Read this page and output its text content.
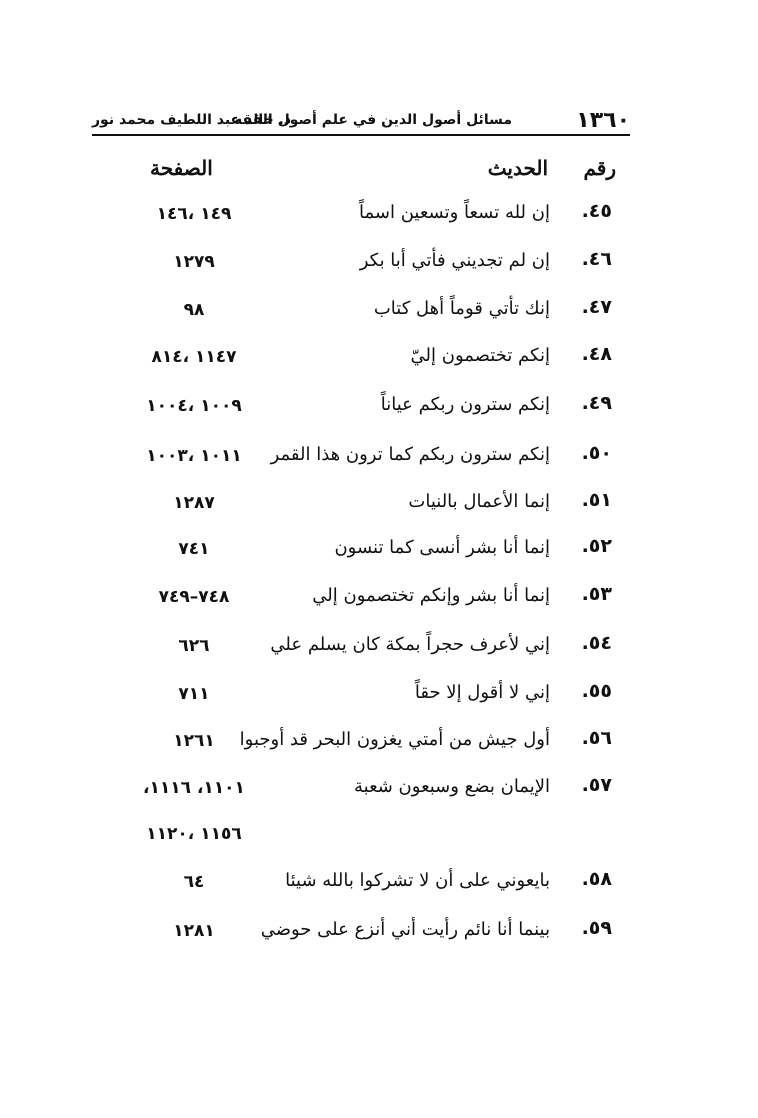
١٣٦٠
مسائل أصول الدين في علم أصول الفقه
د. خالد عبد اللطيف محمد نور
رقم
الحديث
الصفحة
٤٥.
إن لله تسعاً وتسعين اسماً
١٤٩ ،١٤٦
٤٦.
إن لم تجديني فأتي أبا بكر
١٢٧٩
٤٧.
إنك تأتي قوماً أهل كتاب
٩٨
٤٨.
إنكم تختصمون إليّ
١١٤٧ ،٨١٤
٤٩.
إنكم سترون ربكم عياناً
١٠٠٩ ،١٠٠٤
٥٠.
إنكم سترون ربكم كما ترون هذا القمر
١٠١١ ،١٠٠٣
٥١.
إنما الأعمال بالنيات
١٢٨٧
٥٢.
إنما أنا بشر أنسى كما تنسون
٧٤١
٥٣.
إنما أنا بشر وإنكم تختصمون إلي
٧٤٨–٧٤٩
٥٤.
إني لأعرف حجراً بمكة كان يسلم علي
٦٢٦
٥٥.
إني لا أقول إلا حقاً
٧١١
٥٦.
أول جيش من أمتي يغزون البحر قد أوجبوا
١٢٦١
٥٧.
الإيمان بضع وسبعون شعبة
١١٠١، ١١١٦،
١١٥٦ ،١١٢٠
٥٨.
بايعوني على أن لا تشركوا بالله شيئا
٦٤
٥٩.
بينما أنا نائم رأيت أني أنزع على حوضي
١٢٨١
